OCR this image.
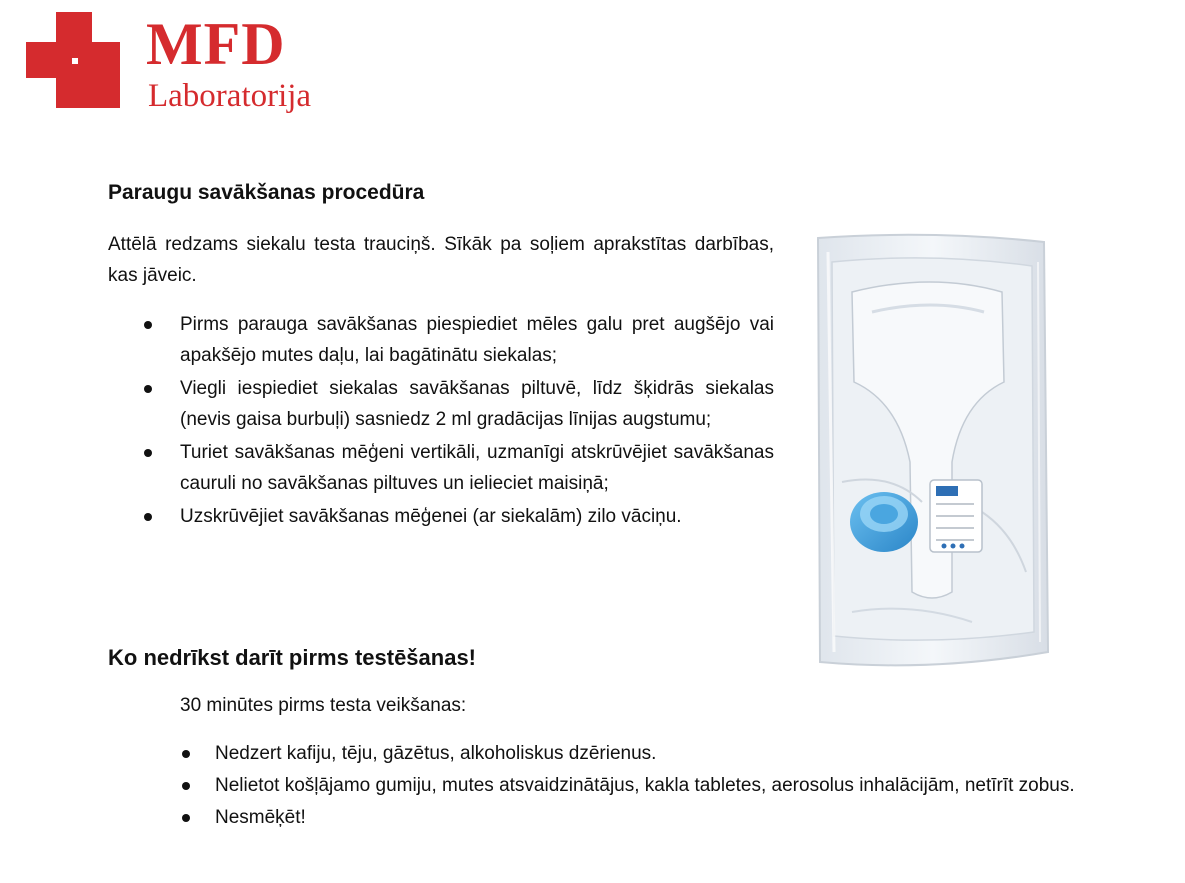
MFD
Laboratorija
Paraugu savākšanas procedūra

Attēlā redzams siekalu testa trauciņš. Sīkāk pa soļiem aprakstītas darbības, kas jāveic.

Pirms parauga savākšanas piespiediet mēles galu pret augšējo vai apakšējo mutes daļu, lai bagātinātu siekalas;
Viegli iespiediet siekalas savākšanas piltuvē, līdz šķidrās siekalas (nevis gaisa burbuļi) sasniedz 2 ml gradācijas līnijas augstumu;
Turiet savākšanas mēģeni vertikāli, uzmanīgi atskrūvējiet savākšanas cauruli no savākšanas piltuves un ielieciet maisiņā;
Uzskrūvējiet savākšanas mēģenei (ar siekalām) zilo vāciņu.
Ko nedrīkst darīt pirms testēšanas!
30 minūtes pirms testa veikšanas:
Nedzert kafiju, tēju, gāzētus, alkoholiskus dzērienus.
Nelietot košļājamo gumiju, mutes atsvaidzinātājus, kakla tabletes, aerosolus inhalācijām, netīrīt zobus.
Nesmēķēt!
